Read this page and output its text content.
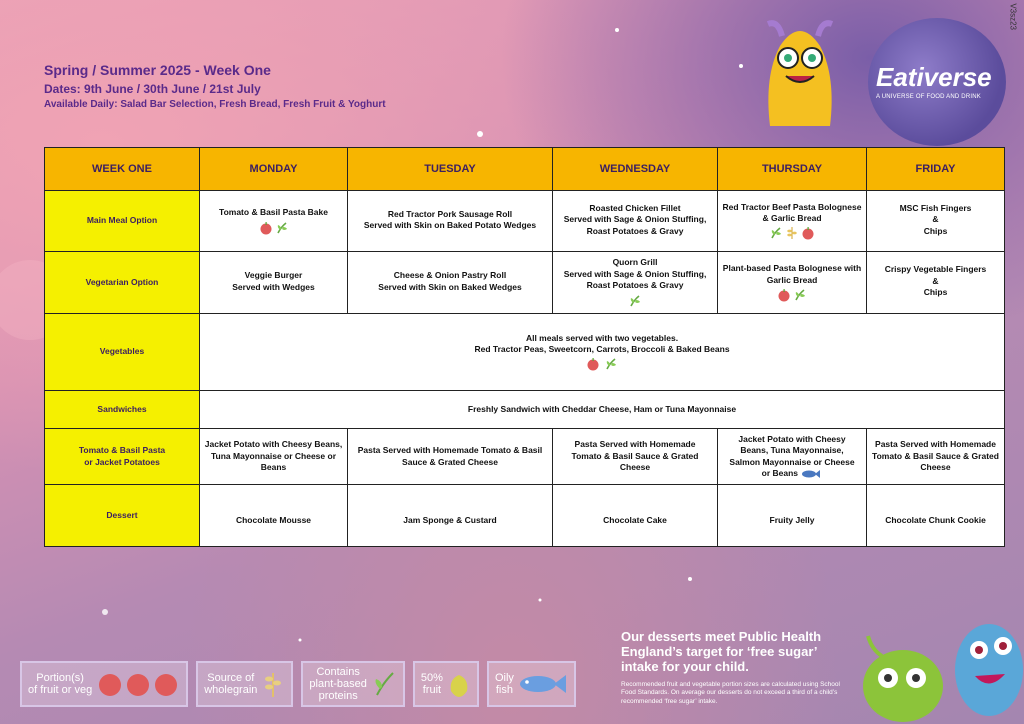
Spring / Summer 2025 - Week One

Dates: 9th June / 30th June / 21st July

Available Daily: Salad Bar Selection, Fresh Bread, Fresh Fruit & Yoghurt

V3sz23
Eativerse
A UNIVERSE OF FOOD AND DRINK
WEEK ONE	MONDAY	TUESDAY	WEDNESDAY	THURSDAY	FRIDAY
Main Meal Option	Tomato & Basil Pasta Bake	Red Tractor Pork Sausage Roll
Served with Skin on Baked Potato Wedges	Roasted Chicken Fillet
Served with Sage & Onion Stuffing,
Roast Potatoes & Gravy	Red Tractor Beef Pasta Bolognese
& Garlic Bread	MSC Fish Fingers
&
Chips

Vegetarian Option	Veggie Burger
Served with Wedges	Cheese & Onion Pastry Roll
Served with Skin on Baked Wedges	Quorn Grill
Served with Sage & Onion Stuffing,
Roast Potatoes & Gravy	Plant-based Pasta Bolognese with
Garlic Bread	Crispy Vegetable Fingers
&
Chips

Vegetables	All meals served with two vegetables.
Red Tractor Peas, Sweetcorn, Carrots, Broccoli & Baked Beans				

Sandwiches	Freshly Sandwich with Cheddar Cheese, Ham or Tuna Mayonnaise				
Tomato & Basil Pasta
or Jacket Potatoes	Jacket Potato with Cheesy Beans,
Tuna Mayonnaise or Cheese or
Beans	Pasta Served with Homemade Tomato & Basil
Sauce & Grated Cheese	Pasta Served with Homemade
Tomato & Basil Sauce & Grated
Cheese	Jacket Potato with Cheesy
Beans, Tuna Mayonnaise,
Salmon Mayonnaise or Cheese
or Beans	Pasta Served with Homemade
Tomato & Basil Sauce & Grated
Cheese
Dessert	Chocolate Mousse	Jam Sponge & Custard	Chocolate Cake	Fruity Jelly	Chocolate Chunk Cookie
Portion(s)
of fruit or veg
Source of
wholegrain
Contains
plant-based
proteins
50%
fruit
Oily
fish
Our desserts meet Public Health England’s target for ‘free sugar’ intake for your child.
Recommended fruit and vegetable portion sizes are calculated using School Food Standards. On average our desserts do not exceed a third of a child’s recommended ‘free sugar’ intake.
